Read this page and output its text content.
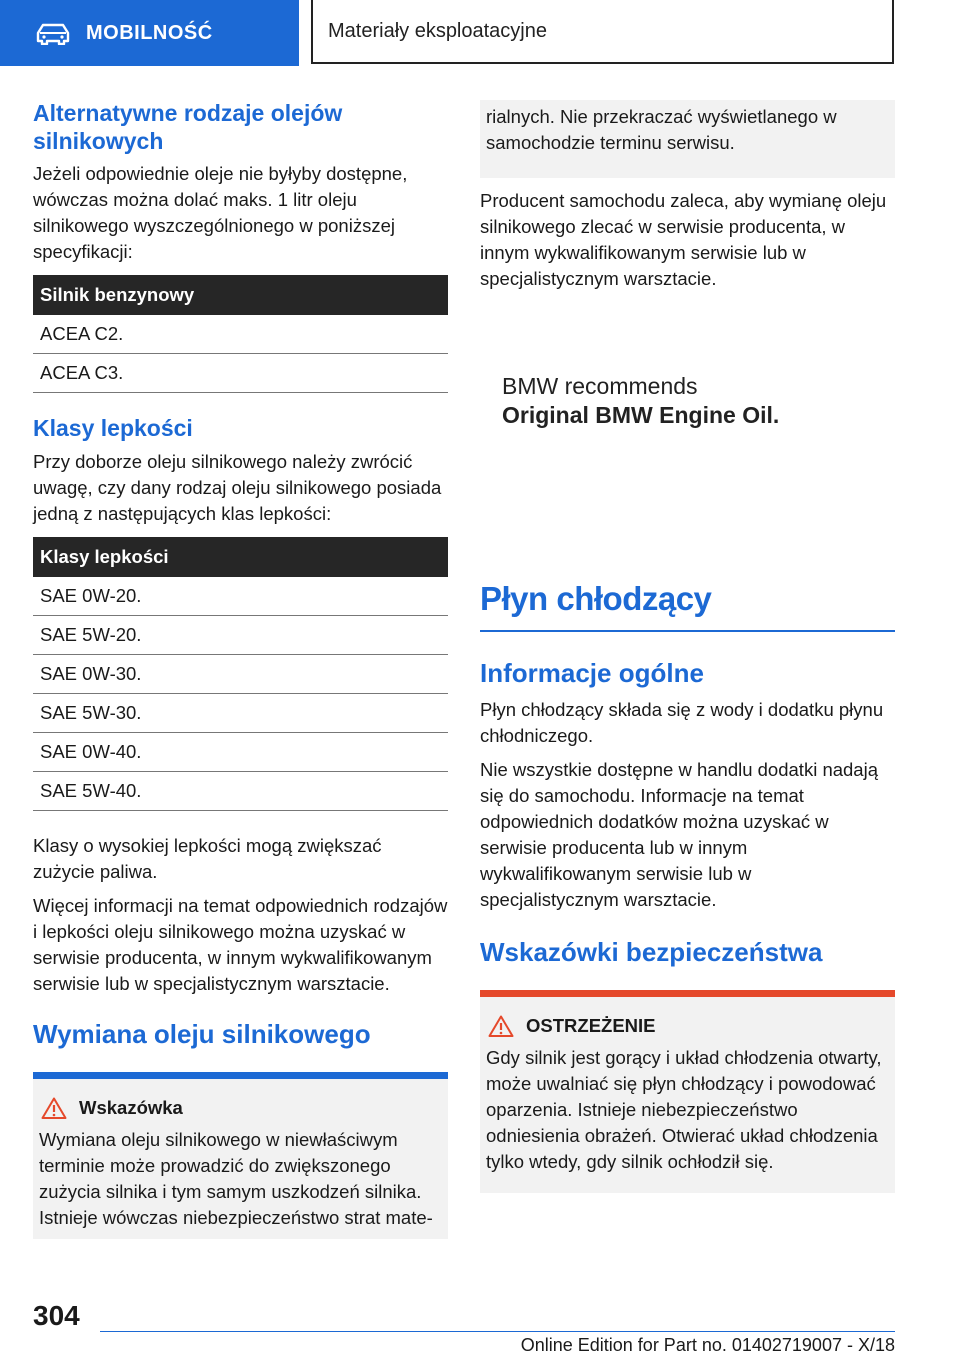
MOBILNOŚĆ	Materiały eksploatacyjne
Alternatywne rodzaje olejów silnikowych

Jeżeli odpowiednie oleje nie byłyby dostępne, wówczas można dolać maks. 1 litr oleju silnikowego wyszczególnionego w poniższej specyfikacji:

Silnik benzynowy
ACEA C2.
ACEA C3.
Klasy lepkości

Przy doborze oleju silnikowego należy zwrócić uwagę, czy dany rodzaj oleju silnikowego posiada jedną z następujących klas lepkości:

Klasy lepkości
SAE 0W-20.
SAE 5W-20.
SAE 0W-30.
SAE 5W-30.
SAE 0W-40.
SAE 5W-40.

Klasy o wysokiej lepkości mogą zwiększać zużycie paliwa.

Więcej informacji na temat odpowiednich rodzajów i lepkości oleju silnikowego można uzyskać w serwisie producenta, w innym wykwalifikowanym serwisie lub w specjalistycznym warsztacie.

Wymiana oleju silnikowego
Wskazówka
Wymiana oleju silnikowego w niewłaściwym terminie może prowadzić do zwiększonego zużycia silnika i tym samym uszkodzeń silnika. Istnieje wówczas niebezpieczeństwo strat mate-
rialnych. Nie przekraczać wyświetlanego w samochodzie terminu serwisu.

Producent samochodu zaleca, aby wymianę oleju silnikowego zlecać w serwisie producenta, w innym wykwalifikowanym serwisie lub w specjalistycznym warsztacie.

BMW recommends
Original BMW Engine Oil.
Płyn chłodzący
Informacje ogólne

Płyn chłodzący składa się z wody i dodatku płynu chłodniczego.

Nie wszystkie dostępne w handlu dodatki nadają się do samochodu. Informacje na temat odpowiednich dodatków można uzyskać w serwisie producenta lub w innym wykwalifikowanym serwisie lub w specjalistycznym warsztacie.

Wskazówki bezpieczeństwa
OSTRZEŻENIE
Gdy silnik jest gorący i układ chłodzenia otwarty, może uwalniać się płyn chłodzący i powodować oparzenia. Istnieje niebezpieczeństwo odniesienia obrażeń. Otwierać układ chłodzenia tylko wtedy, gdy silnik ochłodził się.
304
Online Edition for Part no. 01402719007 - X/18
